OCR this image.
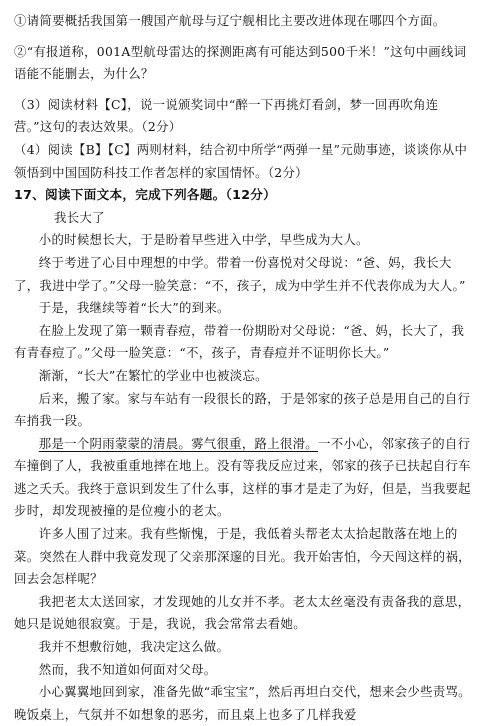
①请简要概括我国第一艘国产航母与辽宁舰相比主要改进体现在哪四个方面。

②“有报道称，001A型航母雷达的探测距离有可能达到500千米！”这句中画线词语能不能删去，为什么？

（3）阅读材料【C】，说一说颁奖词中“醉一下再挑灯看剑，梦一回再吹角连营。”这句的表达效果。（2分）

（4）阅读【B】【C】两则材料，结合初中所学“两弹一星”元勋事迹，谈谈你从中领悟到中国国防科技工作者怎样的家国情怀。（2分）

17、阅读下面文本，完成下列各题。（12分）

我长大了

小的时候想长大，于是盼着早些进入中学，早些成为大人。

终于考进了心目中理想的中学。带着一份喜悦对父母说：“爸、妈，我长大了，我进中学了。”父母一脸笑意：“不，孩子，成为中学生并不代表你成为大人。”

于是，我继续等着“长大”的到来。

在脸上发现了第一颗青春痘，带着一份期盼对父母说：“爸、妈，长大了，我有青春痘了。”父母一脸笑意：“不，孩子，青春痘并不证明你长大。”

渐渐，“长大”在繁忙的学业中也被淡忘。

后来，搬了家。家与车站有一段很长的路，于是邻家的孩子总是用自己的自行车捎我一段。

那是一个阴雨蒙蒙的清晨。雾气很重，路上很滑。一不小心，邻家孩子的自行车撞倒了人，我被重重地摔在地上。没有等我反应过来，邻家的孩子已扶起自行车逃之夭夭。我终于意识到发生了什么事，这样的事才是走了为好，但是，当我要起步时，却发现被撞的是位瘦小的老太。

许多人围了过来。我有些惭愧，于是，我低着头帮老太太拾起散落在地上的菜。突然在人群中我竟发现了父亲那深邃的目光。我开始害怕，今天闯这样的祸，回去会怎样呢？

我把老太太送回家，才发现她的儿女并不孝。老太太丝毫没有责备我的意思，她只是说她很寂寞。于是，我说，我会常常去看她。

我并不想敷衍她，我决定这么做。

然而，我不知道如何面对父母。

小心翼翼地回到家，准备先做“乖宝宝”，然后再坦白交代，想来会少些责骂。晚饭桌上，气氛并不如想象的恶劣，而且桌上也多了几样我爱
